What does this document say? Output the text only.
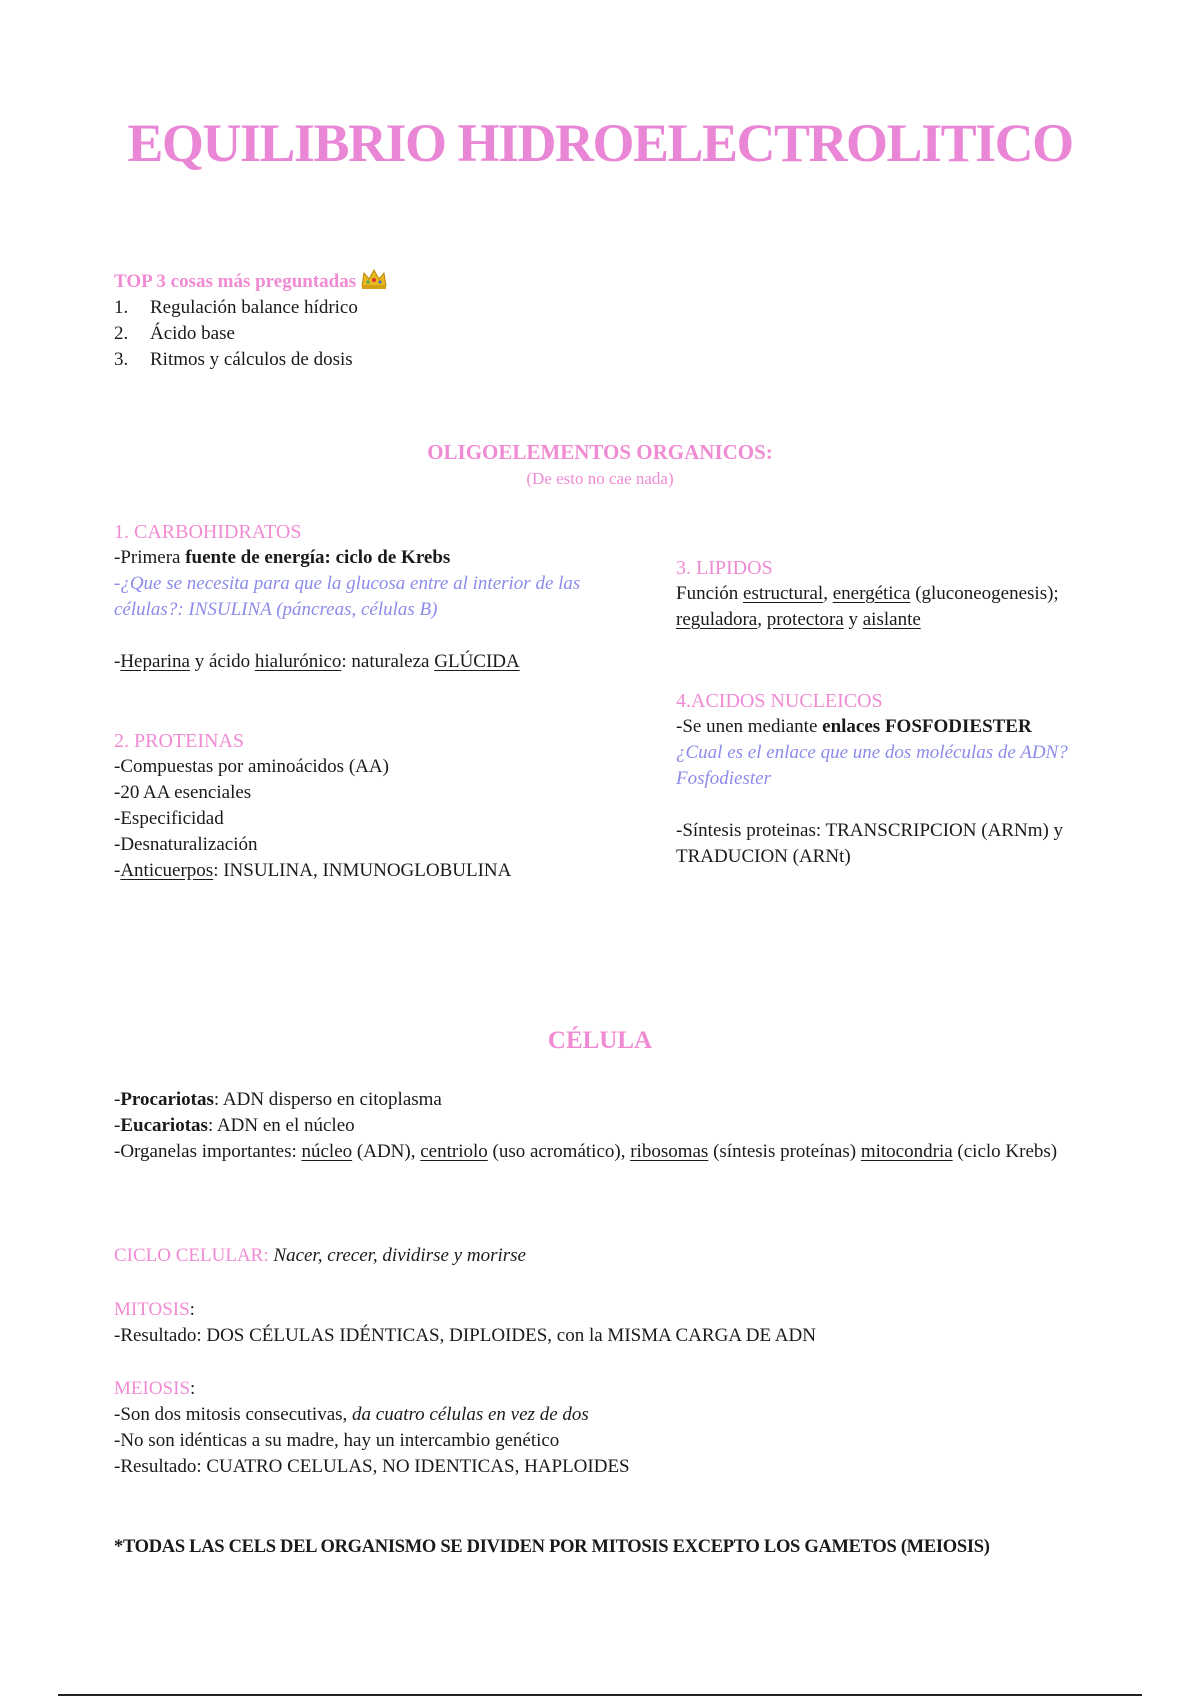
EQUILIBRIO HIDROELECTROLITICO
TOP 3 cosas más preguntadas
1.	Regulación balance hídrico
2.	Ácido base
3.	Ritmos y cálculos de dosis
OLIGOELEMENTOS ORGANICOS:
(De esto no cae nada)

1. CARBOHIDRATOS

-Primera fuente de energía: ciclo de Krebs

-¿Que se necesita para que la glucosa entre al interior de las células?: INSULINA (páncreas, células B)

-Heparina y ácido hialurónico: naturaleza GLÚCIDA

2. PROTEINAS

-Compuestas por aminoácidos (AA)

-20 AA esenciales

-Especificidad

-Desnaturalización

-Anticuerpos: INSULINA, INMUNOGLOBULINA

3. LIPIDOS

Función estructural, energética (gluconeogenesis);
reguladora, protectora y aislante

4.ACIDOS NUCLEICOS

-Se unen mediante enlaces FOSFODIESTER

¿Cual es el enlace que une dos moléculas de ADN? Fosfodiester

-Síntesis proteinas: TRANSCRIPCION (ARNm) y TRADUCION (ARNt)

CÉLULA

-Procariotas: ADN disperso en citoplasma

-Eucariotas: ADN en el núcleo

-Organelas importantes: núcleo (ADN), centriolo (uso acromático), ribosomas (síntesis proteínas) mitocondria (ciclo Krebs)

CICLO CELULAR: Nacer, crecer, dividirse y morirse

MITOSIS:

-Resultado: DOS CÉLULAS IDÉNTICAS, DIPLOIDES, con la MISMA CARGA DE ADN

MEIOSIS:

-Son dos mitosis consecutivas, da cuatro células en vez de dos

-No son idénticas a su madre, hay un intercambio genético

-Resultado: CUATRO CELULAS, NO IDENTICAS, HAPLOIDES

*TODAS LAS CELS DEL ORGANISMO SE DIVIDEN POR MITOSIS EXCEPTO LOS GAMETOS (MEIOSIS)
